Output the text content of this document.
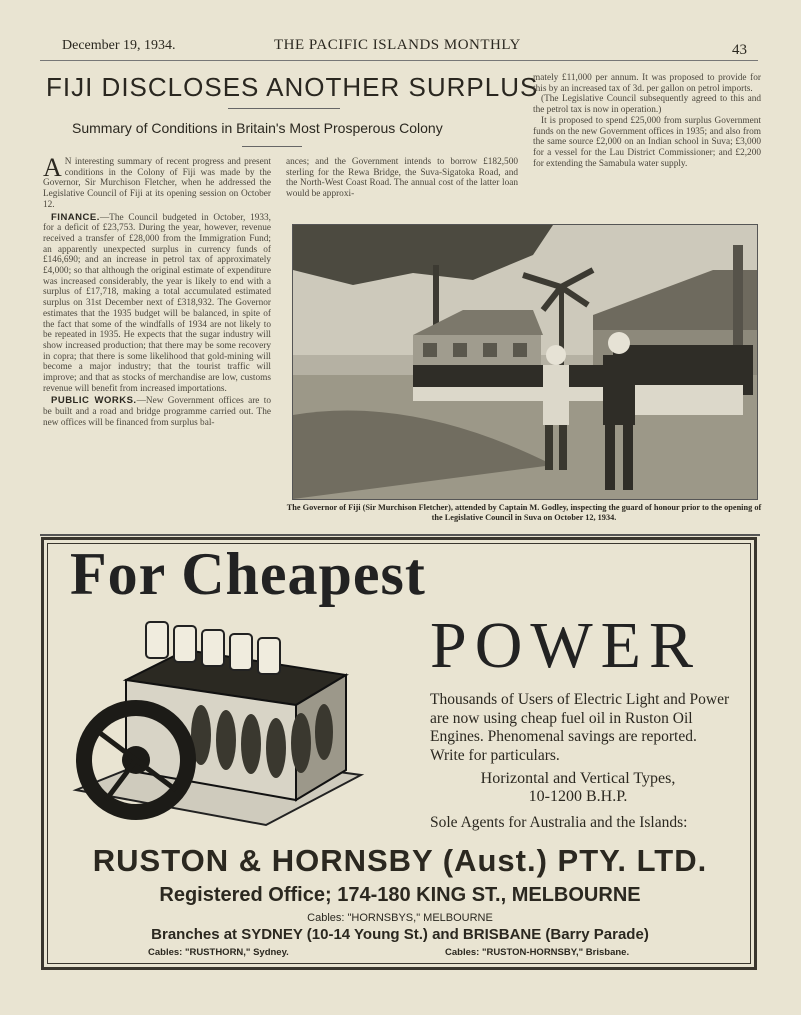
December 19, 1934.	THE PACIFIC ISLANDS MONTHLY	43
FIJI DISCLOSES ANOTHER SURPLUS
Summary of Conditions in Britain's Most Prosperous Colony

A N interesting summary of recent progress and present conditions in the Colony of Fiji was made by the Governor, Sir Murchison Fletcher, when he addressed the Legislative Council of Fiji at its opening session on October 12.

FINANCE.—The Council budgeted in October, 1933, for a deficit of £23,753. During the year, however, revenue received a transfer of £28,000 from the Immigration Fund; an apparently unexpected surplus in currency funds of £146,690; and an increase in petrol tax of approximately £4,000; so that although the original estimate of expenditure was increased considerably, the year is likely to end with a surplus of £17,718, making a total accumulated estimated surplus on 31st December next of £318,932. The Governor estimates that the 1935 budget will be balanced, in spite of the fact that some of the windfalls of 1934 are not likely to be repeated in 1935. He expects that the sugar industry will show increased production; that there may be some recovery in copra; that there is some likelihood that gold-mining will become a major industry; that the tourist traffic will improve; and that as stocks of merchandise are low, customs revenue will benefit from increased importations.

PUBLIC WORKS.—New Government offices are to be built and a road and bridge programme carried out. The new offices will be financed from surplus bal-

ances; and the Government intends to borrow £182,500 sterling for the Rewa Bridge, the Suva-Sigatoka Road, and the North-West Coast Road. The annual cost of the latter loan would be approxi-

mately £11,000 per annum. It was proposed to provide for this by an increased tax of 3d. per gallon on petrol imports.

(The Legislative Council subsequently agreed to this and the petrol tax is now in operation.)

It is proposed to spend £25,000 from surplus Government funds on the new Government offices in 1935; and also from the same source £2,000 on an Indian school in Suva; £3,000 for a vessel for the Lau District Commissioner; and £2,200 for extending the Samabula water supply.

The Governor of Fiji (Sir Murchison Fletcher), attended by Captain M. Godley, inspecting the guard of honour prior to the opening of the Legislative Council in Suva on October 12, 1934.
For Cheapest
POWER
Thousands of Users of Electric Light and Power are now using cheap fuel oil in Ruston Oil Engines. Phenomenal savings are reported. Write for particulars.
Horizontal and Vertical Types,
10-1200 B.H.P.
Sole Agents for Australia and the Islands:
RUSTON & HORNSBY (Aust.) PTY. LTD.
Registered Office; 174-180 KING ST., MELBOURNE
Cables: "HORNSBYS," MELBOURNE
Branches at SYDNEY (10-14 Young St.) and BRISBANE (Barry Parade)
Cables: "RUSTHORN," Sydney.	Cables: "RUSTON-HORNSBY," Brisbane.
